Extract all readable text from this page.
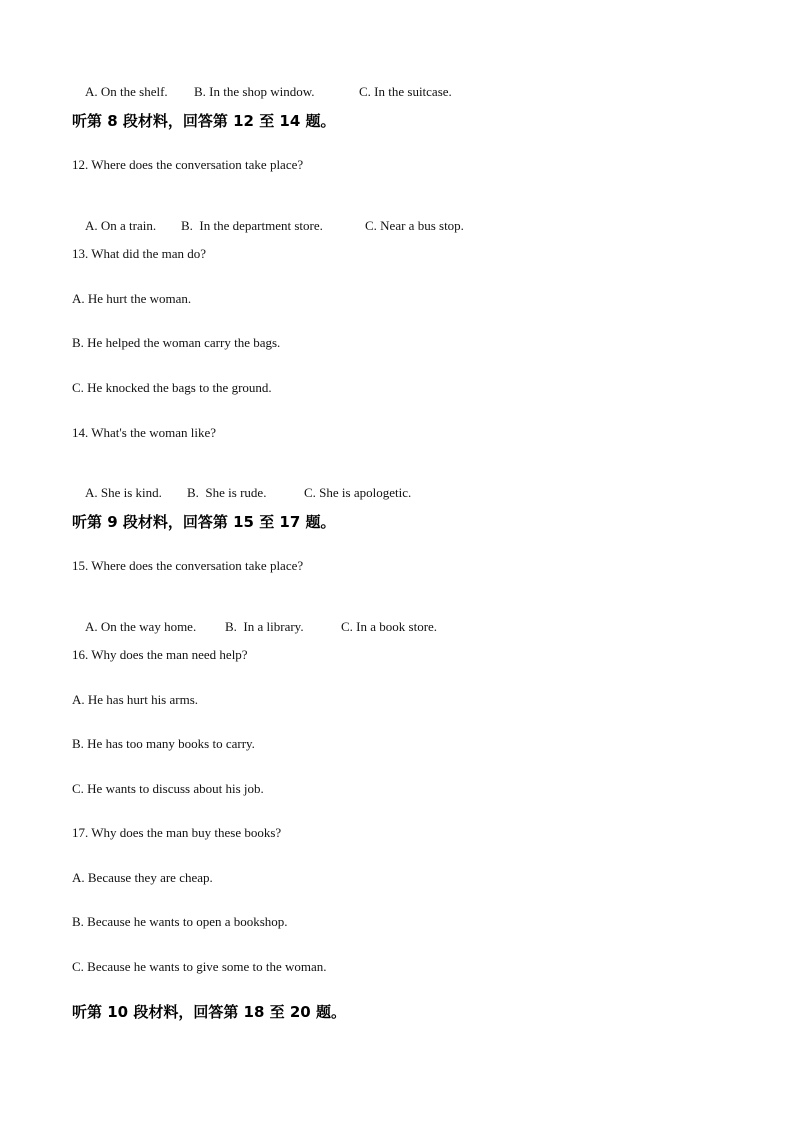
A. On the shelf. B. In the shop window.	C. In the suitcase.

听第 8 段材料，回答第 12 至 14 题。
12. Where does the conversation take place?

A. On a train. B.  In the department store.	C. Near a bus stop.

13. What did the man do?
A. He hurt the woman.
B. He helped the woman carry the bags.
C. He knocked the bags to the ground.
14. What's the woman like?

A. She is kind. B.  She is rude.	C. She is apologetic.

听第 9 段材料，回答第 15 至 17 题。
15. Where does the conversation take place?

A. On the way home. B.  In a library.	C. In a book store.

16. Why does the man need help?
A. He has hurt his arms.
B. He has too many books to carry.
C. He wants to discuss about his job.
17. Why does the man buy these books?
A. Because they are cheap.
B. Because he wants to open a bookshop.
C. Because he wants to give some to the woman.
听第 10 段材料，回答第 18 至 20 题。
